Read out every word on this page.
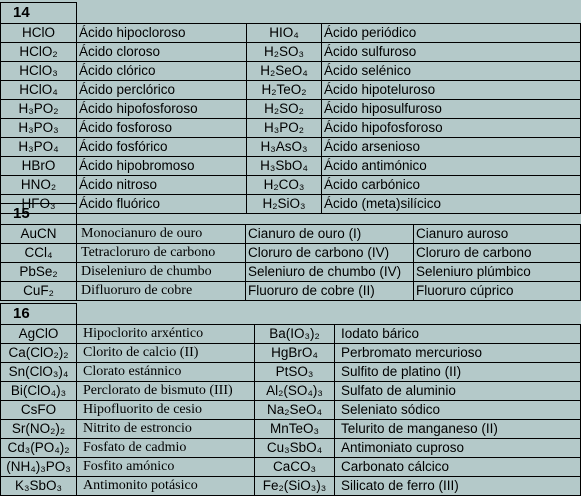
14			
HClO	Ácido hipocloroso	HIO₄	Ácido periódico
HClO₂	Ácido cloroso	H₂SO₃	Ácido sulfuroso
HClO₃	Ácido clórico	H₂SeO₄	Ácido selénico
HClO₄	Ácido perclórico	H₂TeO₂	Ácido hipoteluroso
H₃PO₂	Ácido hipofosforoso	H₂SO₂	Ácido hiposulfuroso
H₃PO₃	Ácido fosforoso	H₃PO₂	Ácido hipofosforoso
H₃PO₄	Ácido fosfórico	H₃AsO₃	Ácido arsenioso
HBrO	Ácido hipobromoso	H₃SbO₄	Ácido antimónico
HNO₂	Ácido nitroso	H₂CO₃	Ácido carbónico
HFO₃	Ácido fluórico	H₂SiO₃	Ácido (meta)silícico
15			
AuCN	Monocianuro de ouro	Cianuro de ouro (I)	Cianuro auroso
CCl₄	Tetracloruro de carbono	Cloruro de carbono (IV)	Cloruro de carbono
PbSe₂	Diseleniuro de chumbo	Seleniuro de chumbo (IV)	Seleniuro plúmbico
CuF₂	Difluoruro de cobre	Fluoruro de cobre (II)	Fluoruro cúprico
16			
AgClO	Hipoclorito arxéntico	Ba(IO₃)₂	Iodato bárico
Ca(ClO₂)₂	Clorito de calcio (II)	HgBrO₄	Perbromato mercurioso
Sn(ClO₃)₄	Clorato estánnico	PtSO₃	Sulfito de platino (II)
Bi(ClO₄)₃	Perclorato de bismuto (III)	Al₂(SO₄)₃	Sulfato de aluminio
CsFO	Hipofluorito de cesio	Na₂SeO₄	Seleniato sódico
Sr(NO₂)₂	Nitrito de estroncio	MnTeO₃	Telurito de manganeso (II)
Cd₃(PO₄)₂	Fosfato de cadmio	Cu₃SbO₄	Antimoniato cuproso
(NH₄)₃PO₃	Fosfito amónico	CaCO₃	Carbonato cálcico
K₃SbO₃	Antimonito potásico	Fe₂(SiO₃)₃	Silicato de ferro (III)
